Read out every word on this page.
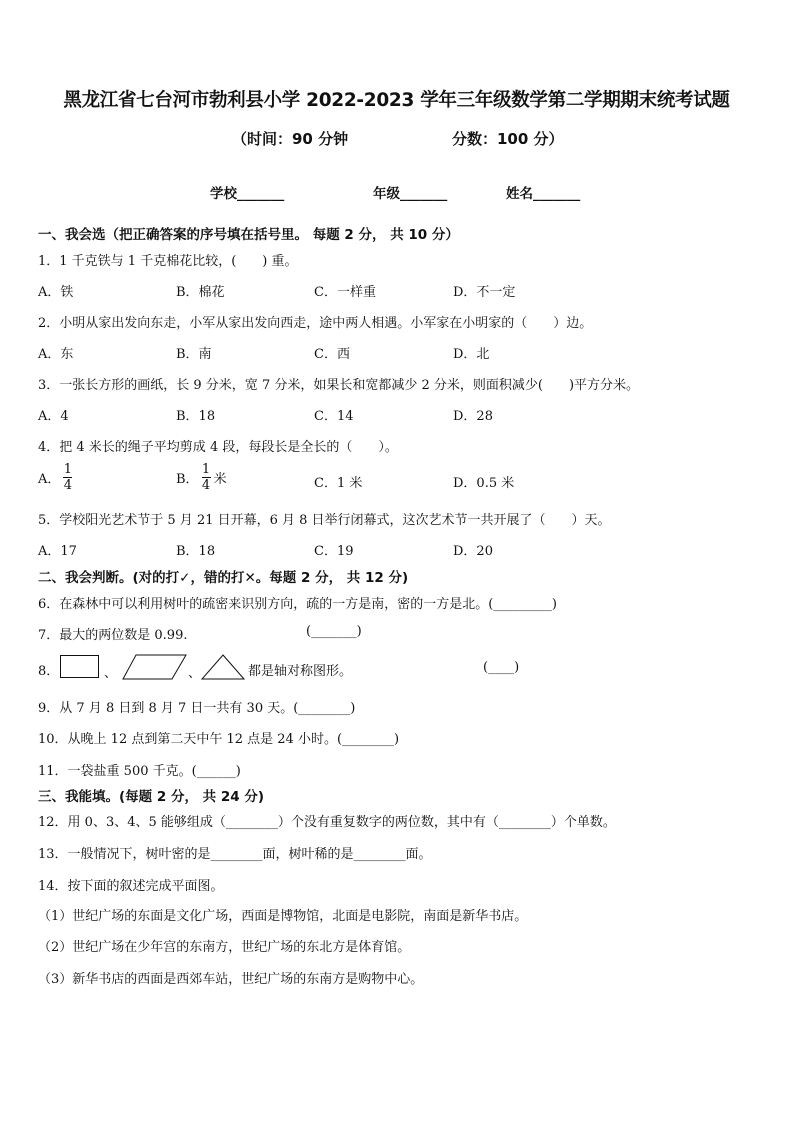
黑龙江省七台河市勃利县小学 2022-2023 学年三年级数学第二学期期末统考试题
（时间：90 分钟	分数：100 分）
学校_______	年级_______	姓名_______
一、我会选（把正确答案的序号填在括号里。 每题 2 分， 共 10 分）
1．1 千克铁与 1 千克棉花比较，(　　) 重。
A．铁	B．棉花	C．一样重	D．不一定
2．小明从家出发向东走，小军从家出发向西走，途中两人相遇。小军家在小明家的（　　）边。
A．东	B．南	C．西	D．北
3．一张长方形的画纸，长 9 分米，宽 7 分米，如果长和宽都减少 2 分米，则面积减少(　　)平方分米。
A．4	B．18	C．14	D．28
4．把 4 米长的绳子平均剪成 4 段，每段长是全长的（　　）。
A． $\frac{1}{4}$	B． $\frac{1}{4}$ 米	C．1 米	D．0.5 米
5．学校阳光艺术节于 5 月 21 日开幕，6 月 8 日举行闭幕式，这次艺术节一共开展了（　　）天。
A．17	B．18	C．19	D．20
二、我会判断。(对的打✓，错的打✕。每题 2 分， 共 12 分)
6．在森林中可以利用树叶的疏密来识别方向，疏的一方是南，密的一方是北。(_________)
7．最大的两位数是 0.99.	(_______)
8．	、	、	都是轴对称图形。	(____)
9．从 7 月 8 日到 8 月 7 日一共有 30 天。(________)
10．从晚上 12 点到第二天中午 12 点是 24 小时。(________)
11．一袋盐重 500 千克。(______)
三、我能填。(每题 2 分， 共 24 分)
12．用 0、3、4、5 能够组成（________）个没有重复数字的两位数，其中有（________）个单数。
13．一般情况下，树叶密的是________面，树叶稀的是________面。
14．按下面的叙述完成平面图。
（1）世纪广场的东面是文化广场，西面是博物馆，北面是电影院，南面是新华书店。
（2）世纪广场在少年宫的东南方，世纪广场的东北方是体育馆。
（3）新华书店的西面是西郊车站，世纪广场的东南方是购物中心。
